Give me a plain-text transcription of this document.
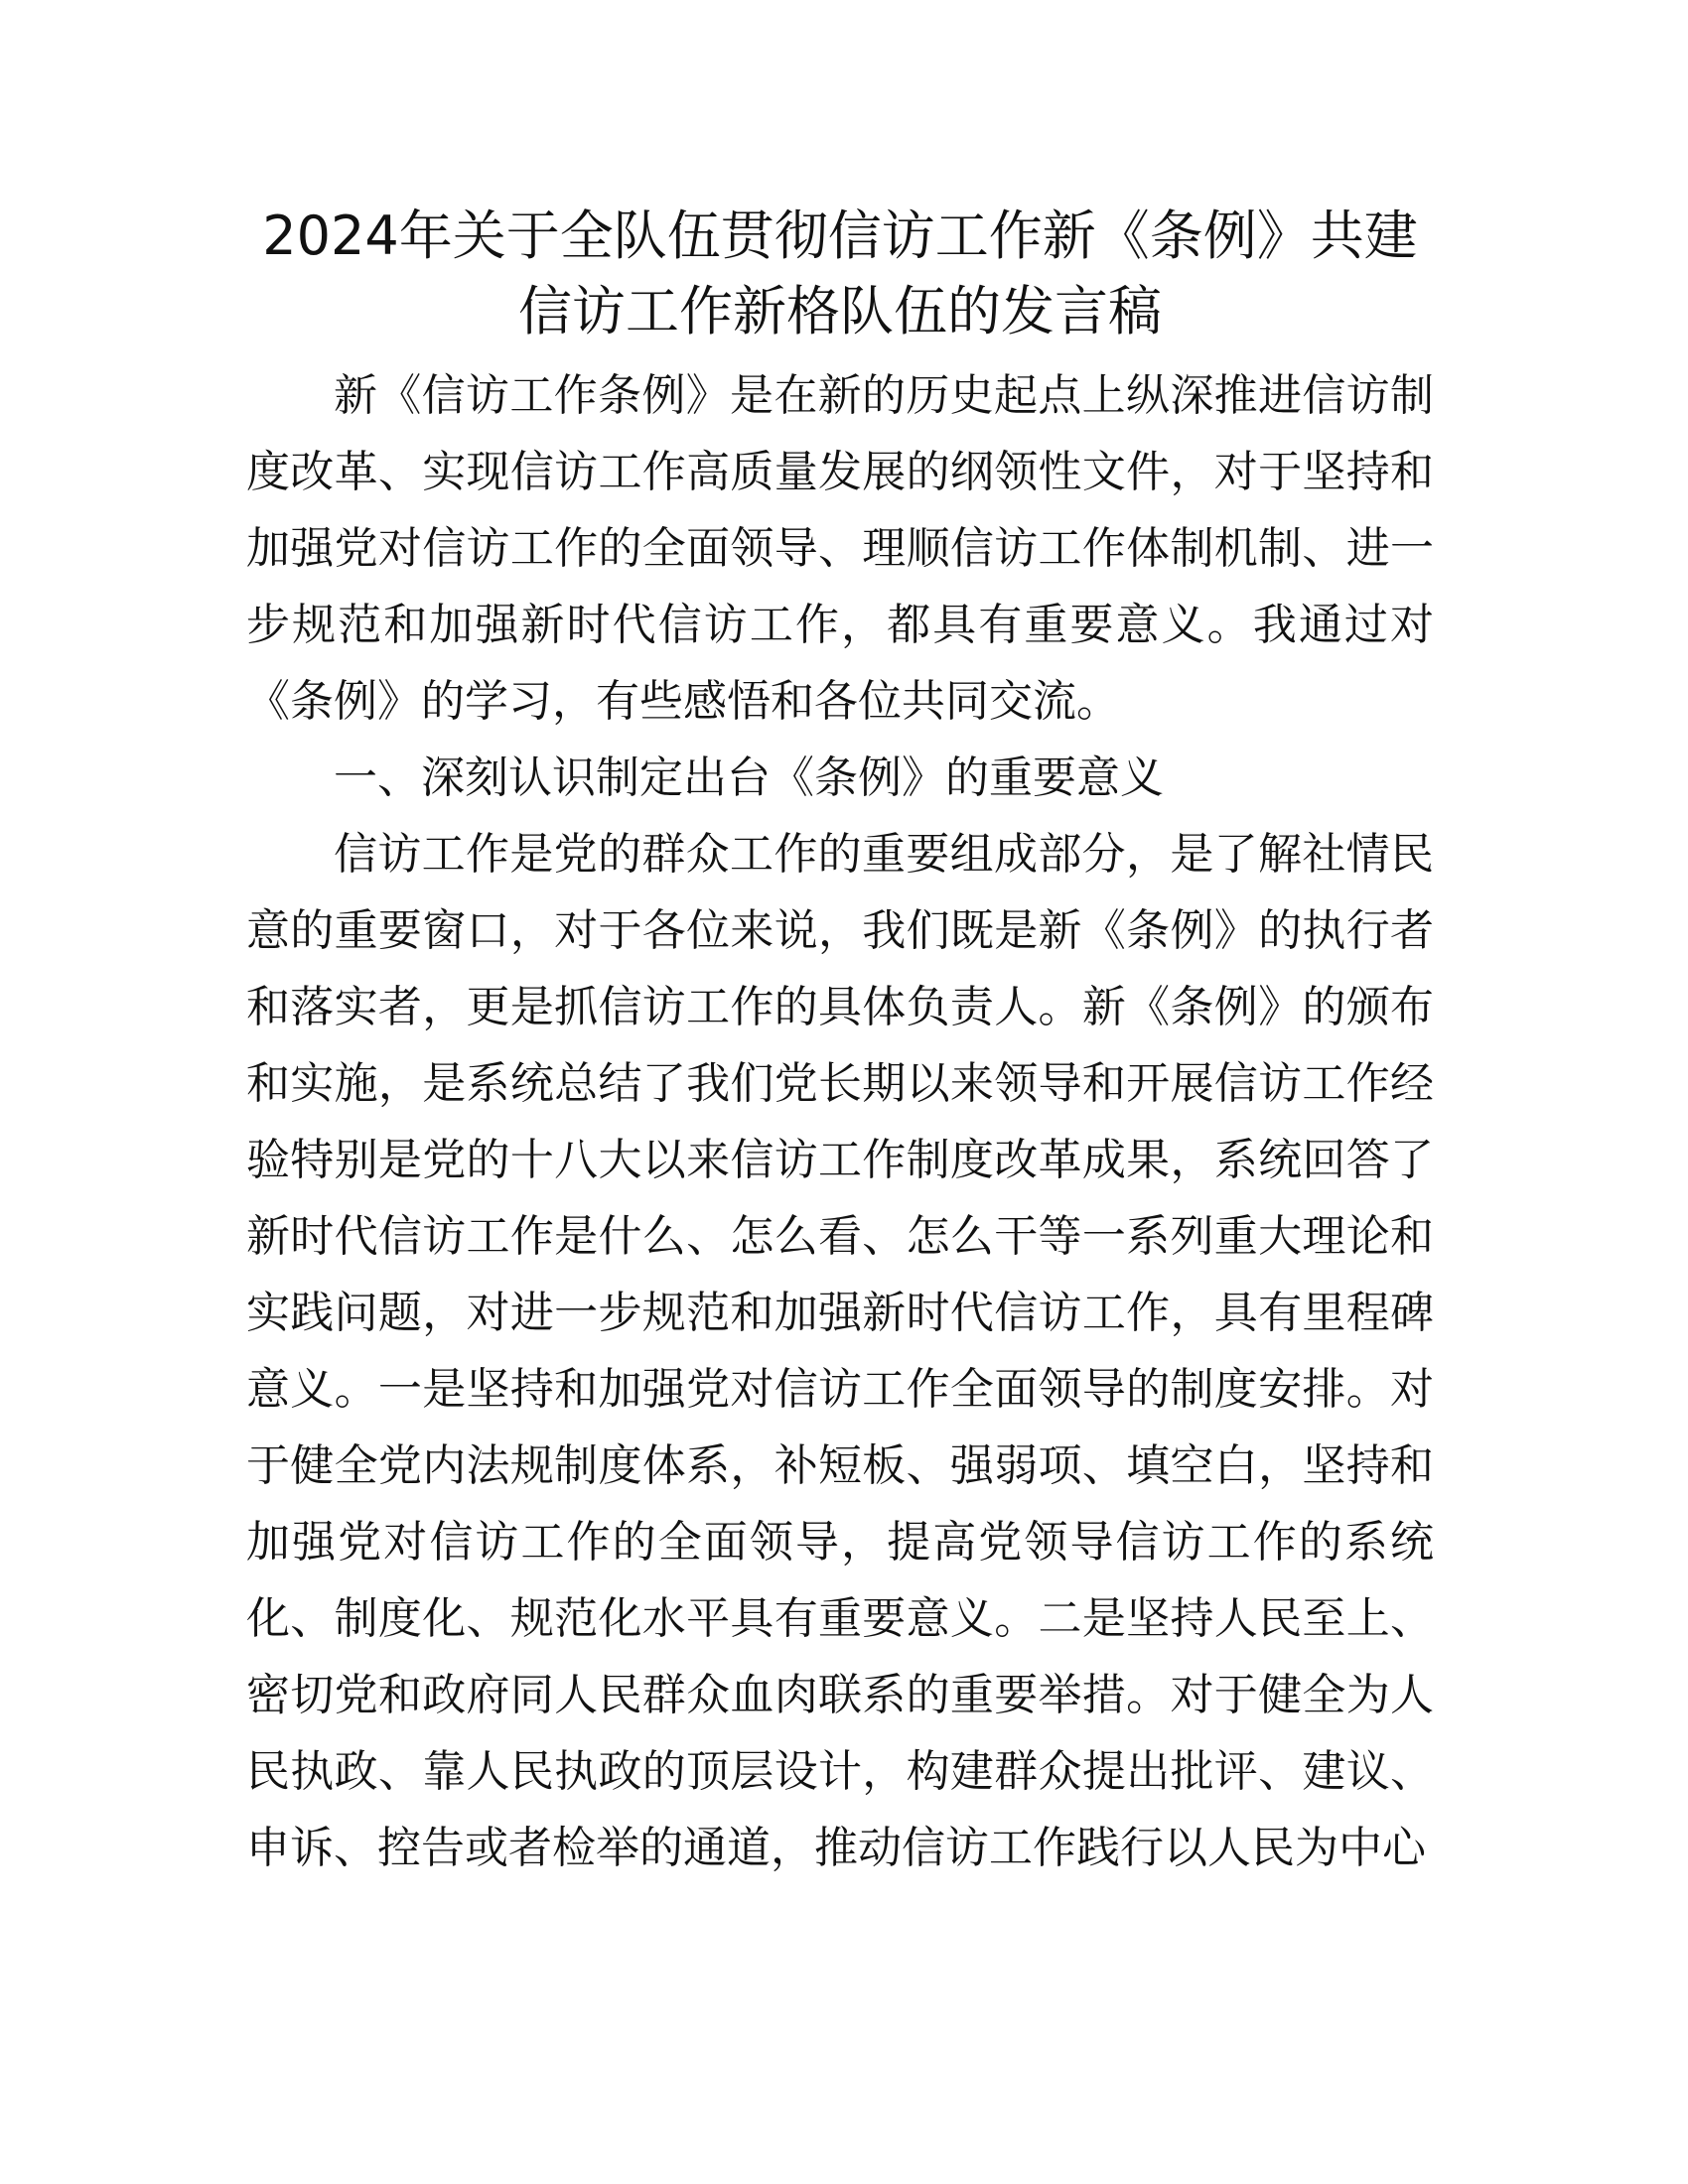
2024年关于全队伍贯彻信访工作新《条例》共建信访工作新格队伍的发言稿

新《信访工作条例》是在新的历史起点上纵深推进信访制度改革、实现信访工作高质量发展的纲领性文件，对于坚持和加强党对信访工作的全面领导、理顺信访工作体制机制、进一步规范和加强新时代信访工作，都具有重要意义。我通过对《条例》的学习，有些感悟和各位共同交流。

一、深刻认识制定出台《条例》的重要意义

信访工作是党的群众工作的重要组成部分，是了解社情民意的重要窗口，对于各位来说，我们既是新《条例》的执行者和落实者，更是抓信访工作的具体负责人。新《条例》的颁布和实施，是系统总结了我们党长期以来领导和开展信访工作经验特别是党的十八大以来信访工作制度改革成果，系统回答了新时代信访工作是什么、怎么看、怎么干等一系列重大理论和实践问题，对进一步规范和加强新时代信访工作，具有里程碑意义。一是坚持和加强党对信访工作全面领导的制度安排。对于健全党内法规制度体系，补短板、强弱项、填空白，坚持和加强党对信访工作的全面领导，提高党领导信访工作的系统化、制度化、规范化水平具有重要意义。二是坚持人民至上、密切党和政府同人民群众血肉联系的重要举措。对于健全为人民执政、靠人民执政的顶层设计，构建群众提出批评、建议、申诉、控告或者检举的通道，推动信访工作践行以人民为中心
